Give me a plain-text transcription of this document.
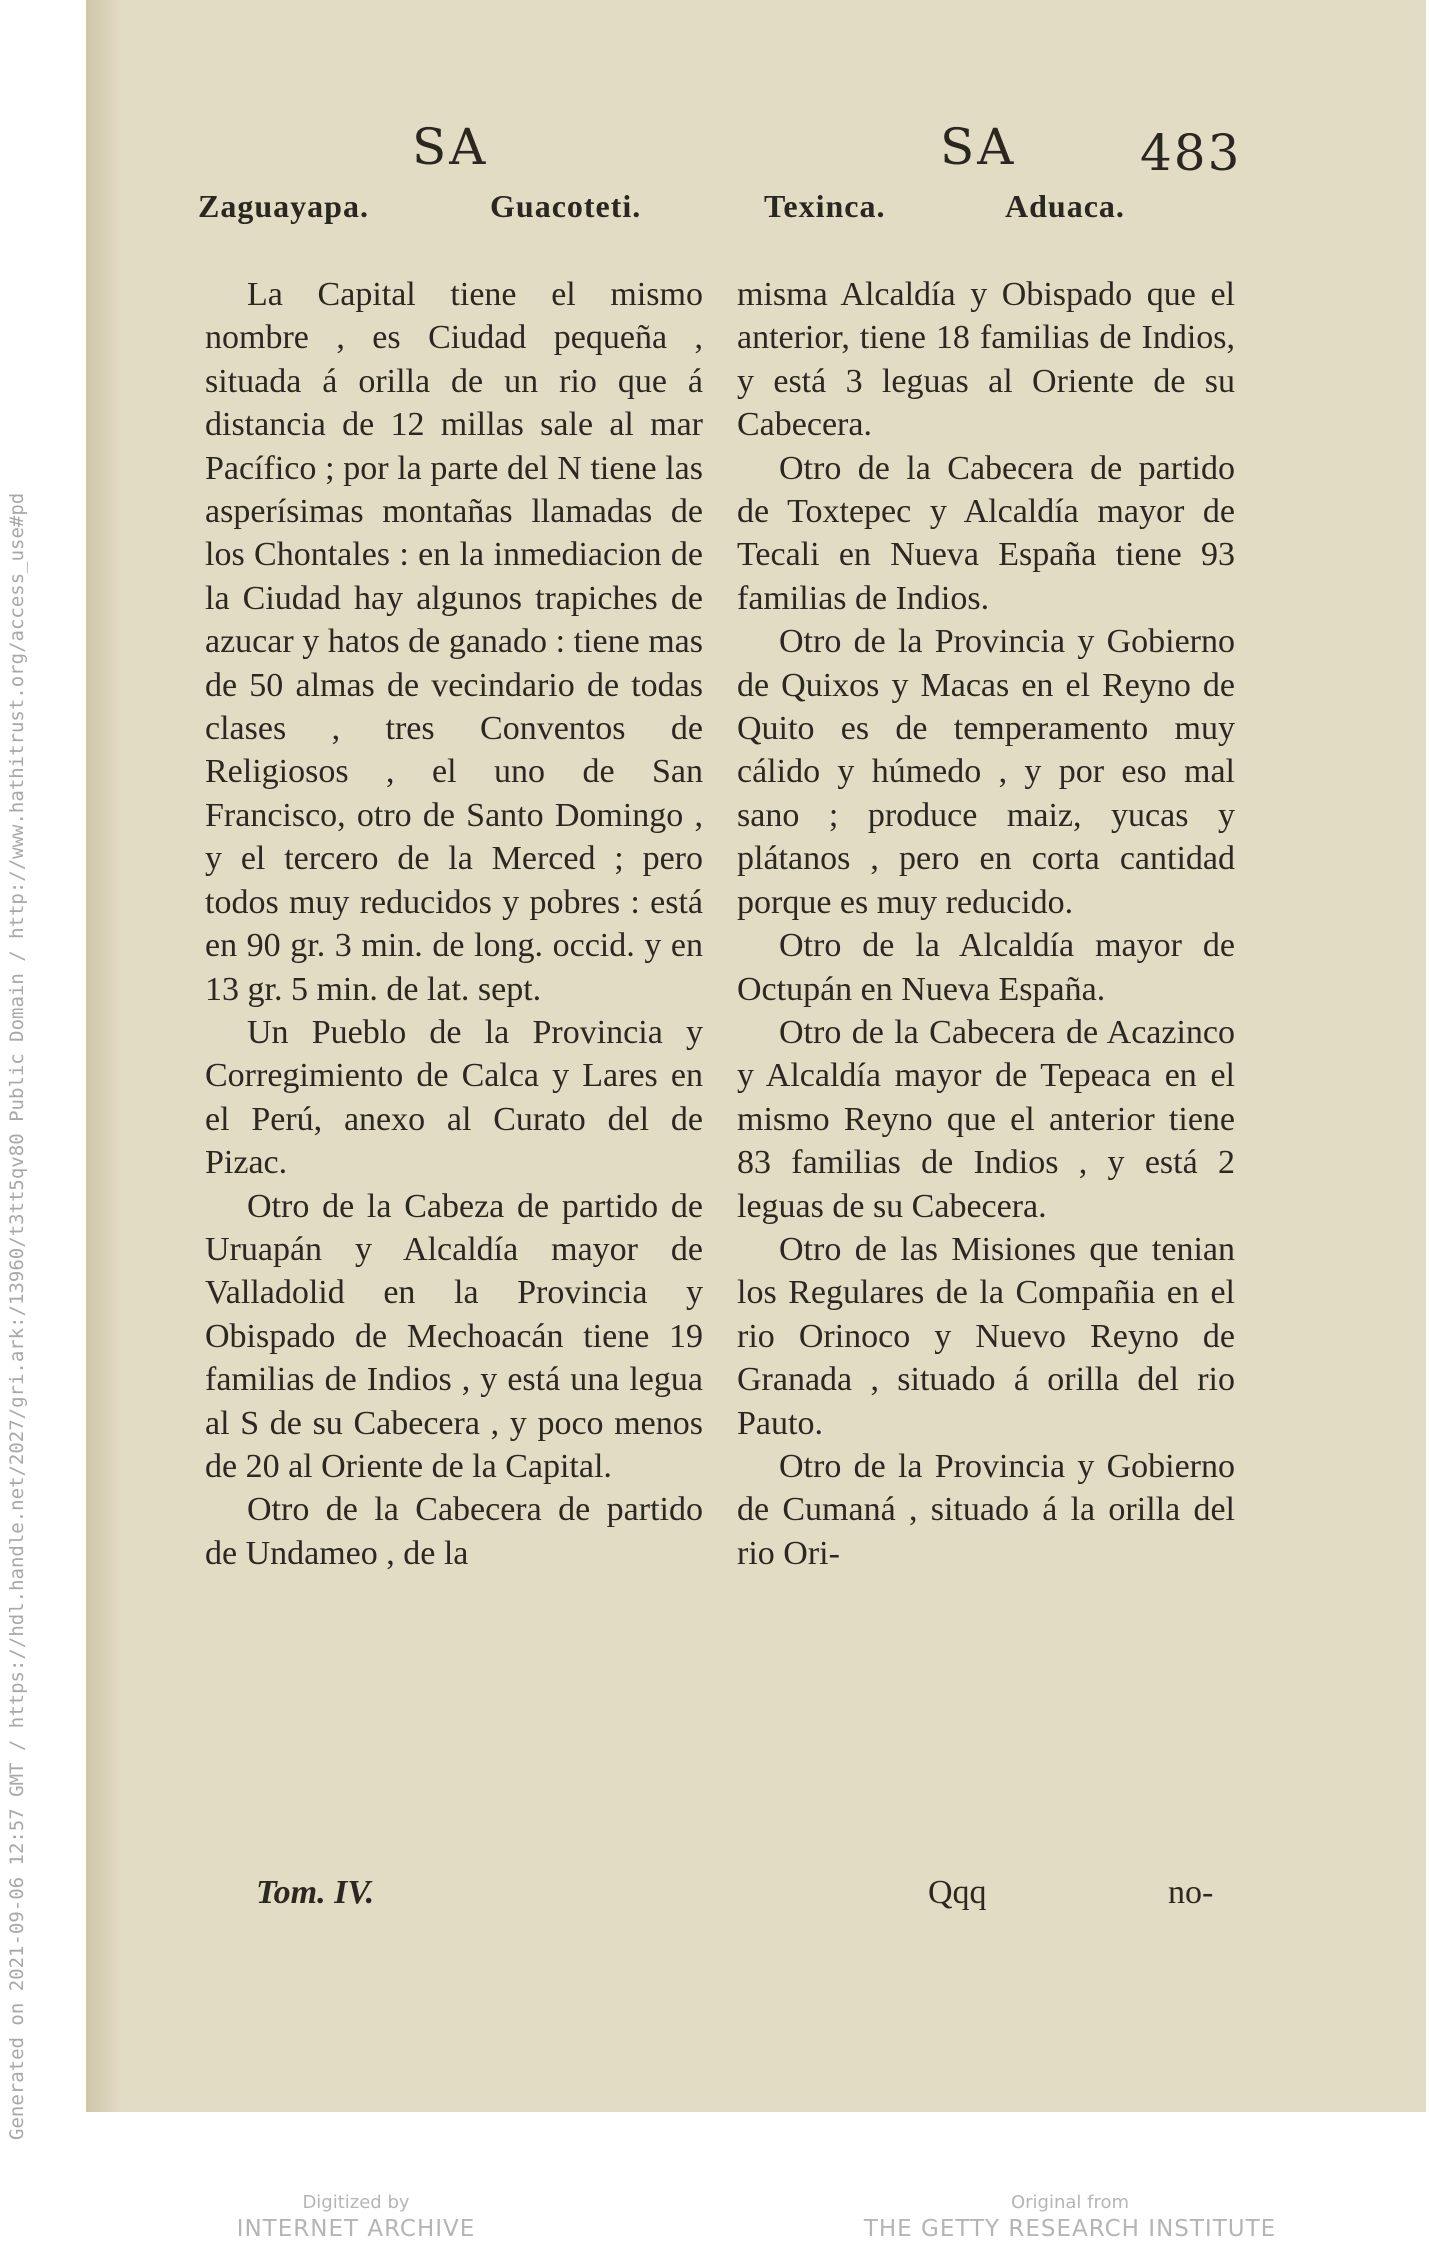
Generated on 2021-09-06 12:57 GMT / https://hdl.handle.net/2027/gri.ark:/13960/t3tt5qv80 Public Domain / http://www.hathitrust.org/access_use#pd
SA	SA 483
Zaguayapa.	Guacoteti.	Texinca.	Aduaca.

La Capital tiene el mismo nombre , es Ciudad pequeña , situada á orilla de un rio que á distancia de 12 millas sale al mar Pacífico ; por la parte del N tiene las asperísimas montañas llamadas de los Chontales : en la inmediacion de la Ciudad hay algunos trapiches de azucar y hatos de ganado : tiene mas de 50 almas de vecindario de todas clases , tres Conventos de Religiosos , el uno de San Francisco, otro de Santo Domingo , y el tercero de la Merced ; pero todos muy reducidos y pobres : está en 90 gr. 3 min. de long. occid. y en 13 gr. 5 min. de lat. sept.

Un Pueblo de la Provincia y Corregimiento de Calca y Lares en el Perú, anexo al Curato del de Pizac.

Otro de la Cabeza de partido de Uruapán y Alcaldía mayor de Valladolid en la Provincia y Obispado de Mechoacán tiene 19 familias de Indios , y está una legua al S de su Cabecera , y poco menos de 20 al Oriente de la Capital.

Otro de la Cabecera de partido de Undameo , de la

misma Alcaldía y Obispado que el anterior, tiene 18 familias de Indios, y está 3 leguas al Oriente de su Cabecera.

Otro de la Cabecera de partido de Toxtepec y Alcaldía mayor de Tecali en Nueva España tiene 93 familias de Indios.

Otro de la Provincia y Gobierno de Quixos y Macas en el Reyno de Quito es de temperamento muy cálido y húmedo , y por eso mal sano ; produce maiz, yucas y plátanos , pero en corta cantidad porque es muy reducido.

Otro de la Alcaldía mayor de Octupán en Nueva España.

Otro de la Cabecera de Acazinco y Alcaldía mayor de Tepeaca en el mismo Reyno que el anterior tiene 83 familias de Indios , y está 2 leguas de su Cabecera.

Otro de las Misiones que tenian los Regulares de la Compañia en el rio Orinoco y Nuevo Reyno de Granada , situado á orilla del rio Pauto.

Otro de la Provincia y Gobierno de Cumaná , situado á la orilla del rio Ori-

Tom. IV.	Qqq	no-
Digitized by
INTERNET ARCHIVE
Original from
THE GETTY RESEARCH INSTITUTE
